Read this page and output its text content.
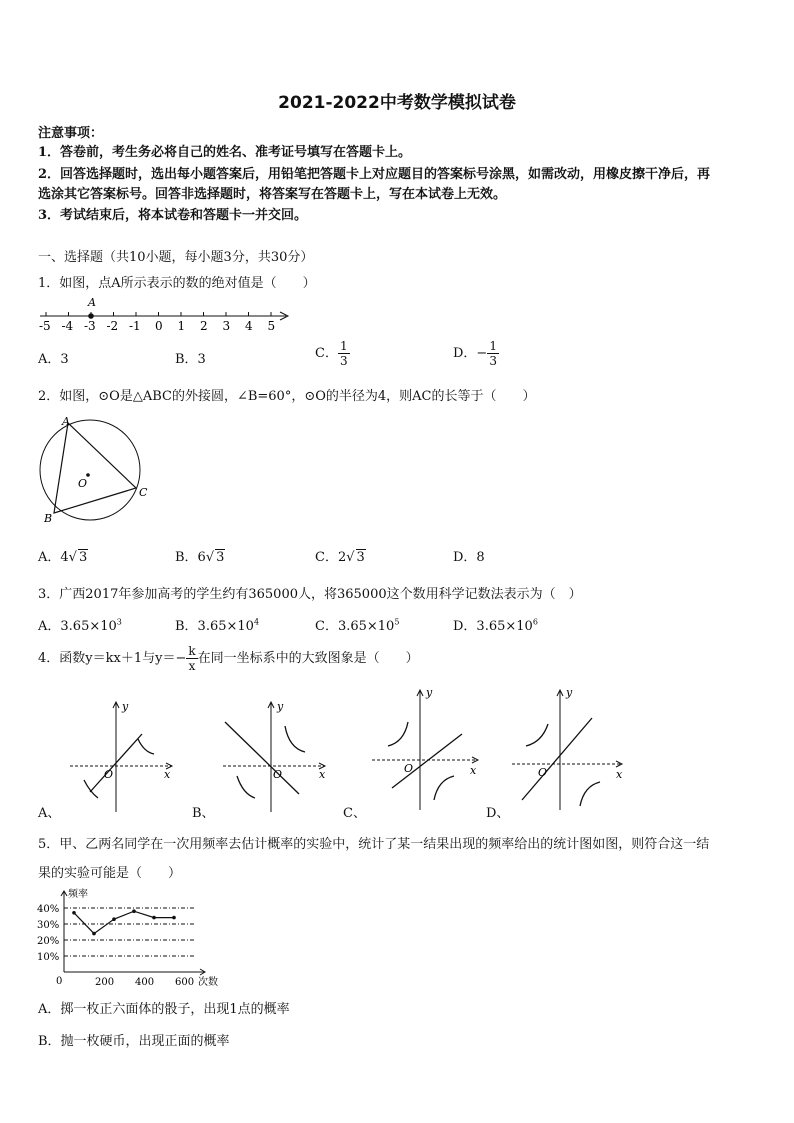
2021-2022中考数学模拟试卷
注意事项：
1．答卷前，考生务必将自己的姓名、准考证号填写在答题卡上。
2．回答选择题时，选出每小题答案后，用铅笔把答题卡上对应题目的答案标号涂黑，如需改动，用橡皮擦干净后，再
选涂其它答案标号。回答非选择题时，将答案写在答题卡上，写在本试卷上无效。
3．考试结束后，将本试卷和答题卡一并交回。
一、选择题（共10小题，每小题3分，共30分）
1．如图，点A所示表示的数的绝对值是（　　）
-5 -4 -3 -2 -1 0 1 2 3 4 5
A
A．3	B．3	C． $\frac{1}{3}$	D．− $\frac{1}{3}$
2．如图，⊙O是△ABC的外接圆，∠B=60°，⊙O的半径为4，则AC的长等于（　　）
A
B
C
O
A．4√ 3	B．6√ 3	C．2√ 3	D．8
3．广西2017年参加高考的学生约有365000人，将365000这个数用科学记数法表示为（　）
A．$3.65\times 10^3$	B．$3.65\times 10^4$	C．$3.65\times 10^5$	D．$3.65\times 10^6$
4．函数y＝kx＋1与$y=- \frac{k}{x}$ 在同一坐标系中的大致图象是（　　）
x
y
O
A、
x
y
O
B、
x
y
O
C、
x
y
O
D、
5．甲、乙两名同学在一次用频率去估计概率的实验中，统计了某一结果出现的频率给出的统计图如图，则符合这一结
果的实验可能是（　　）
10%
20%
30%
40%
200 400 600
频率
次数
0
A．掷一枚正六面体的骰子，出现1点的概率
B．抛一枚硬币，出现正面的概率
